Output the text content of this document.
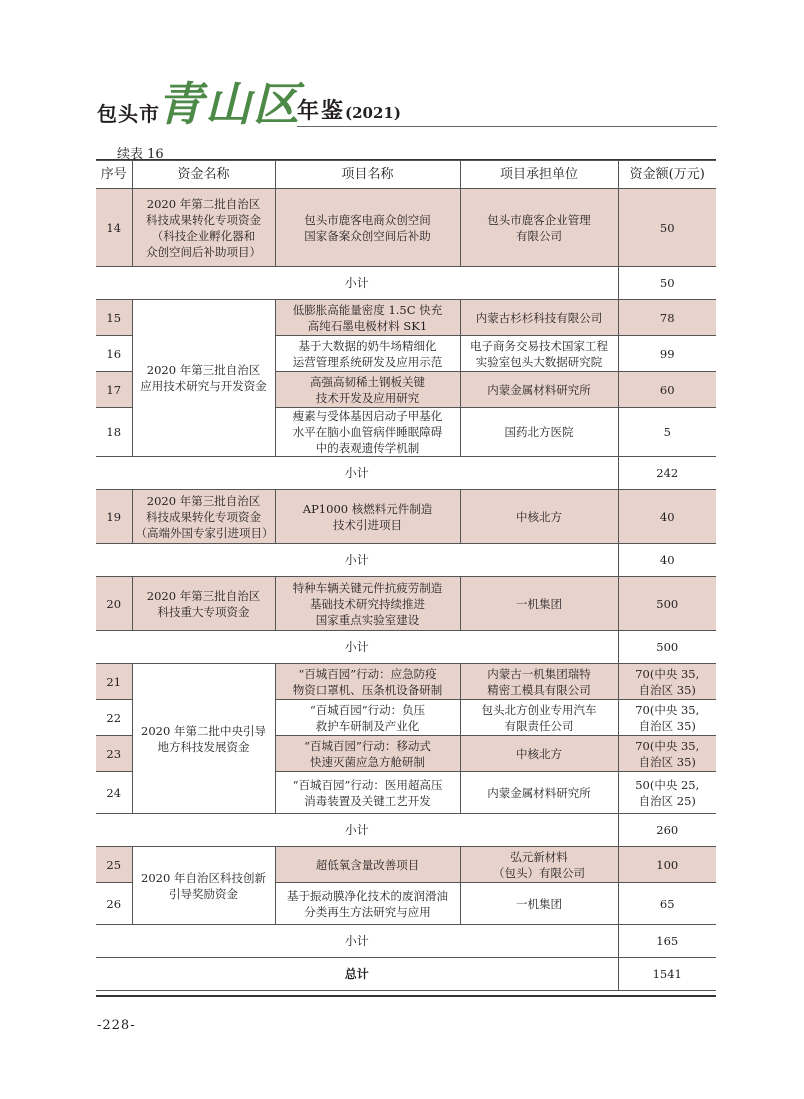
包头市
青山区
年鉴(2021)
续表 16
序号	资金名称	项目名称	项目承担单位	资金额(万元)
14	2020 年第二批自治区
科技成果转化专项资金
（科技企业孵化器和
众创空间后补助项目）	包头市鹿客电商众创空间
国家备案众创空间后补助	包头市鹿客企业管理
有限公司	50
小计				50
15	2020 年第三批自治区
应用技术研究与开发资金	低膨胀高能量密度 1.5C 快充
高纯石墨电极材料 SK1	内蒙古杉杉科技有限公司	78
16		基于大数据的奶牛场精细化
运营管理系统研发及应用示范	电子商务交易技术国家工程
实验室包头大数据研究院	99
17		高强高韧稀土钢板关键
技术开发及应用研究	内蒙金属材料研究所	60
18		瘦素与受体基因启动子甲基化
水平在脑小血管病伴睡眠障碍
中的表观遗传学机制	国药北方医院	5
小计				242
19	2020 年第三批自治区
科技成果转化专项资金
（高端外国专家引进项目）	AP1000 核燃料元件制造
技术引进项目	中核北方	40
小计				40
20	2020 年第三批自治区
科技重大专项资金	特种车辆关键元件抗疲劳制造
基础技术研究持续推进
国家重点实验室建设	一机集团	500
小计				500
21	2020 年第二批中央引导
地方科技发展资金	“百城百园”行动：应急防疫
物资口罩机、压条机设备研制	内蒙古一机集团瑞特
精密工模具有限公司	70(中央 35,
自治区 35)
22		“百城百园”行动：负压
救护车研制及产业化	包头北方创业专用汽车
有限责任公司	70(中央 35,
自治区 35)
23		“百城百园”行动：移动式
快速灭菌应急方舱研制	中核北方	70(中央 35,
自治区 35)
24		“百城百园”行动：医用超高压
消毒装置及关键工艺开发	内蒙金属材料研究所	50(中央 25,
自治区 25)
小计				260
25	2020 年自治区科技创新
引导奖励资金	超低氧含量改善项目	弘元新材料
（包头）有限公司	100
26		基于振动膜净化技术的废润滑油
分类再生方法研究与应用	一机集团	65
小计				165
总计				1541
-228-
